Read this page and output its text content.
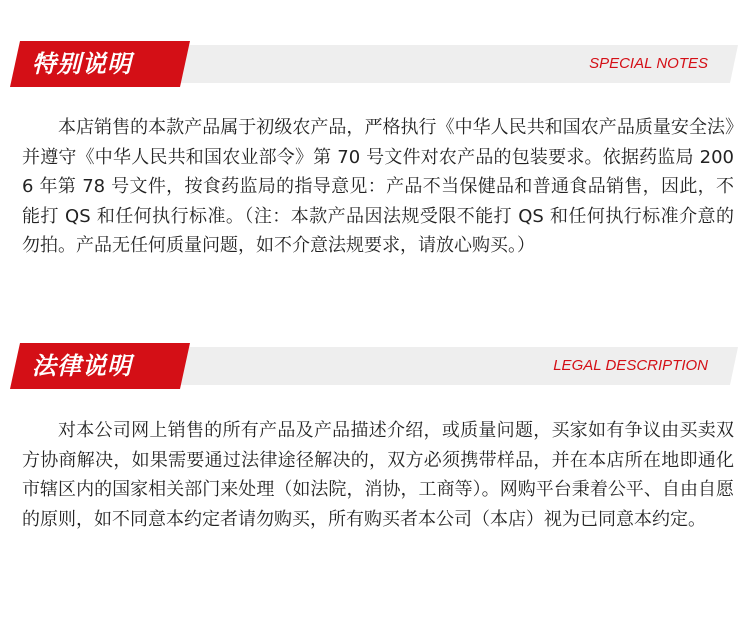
特别说明	SPECIAL NOTES

本店销售的本款产品属于初级农产品，严格执行《中华人民共和国农产品质量安全法》并遵守《中华人民共和国农业部令》第 70 号文件对农产品的包装要求。依据药监局 2006 年第 78 号文件，按食药监局的指导意见：产品不当保健品和普通食品销售，因此，不能打 QS 和任何执行标准。（注：本款产品因法规受限不能打 QS 和任何执行标准介意的勿拍。产品无任何质量问题，如不介意法规要求，请放心购买。）

法律说明	LEGAL DESCRIPTION

对本公司网上销售的所有产品及产品描述介绍，或质量问题，买家如有争议由买卖双方协商解决，如果需要通过法律途径解决的，双方必须携带样品，并在本店所在地即通化市辖区内的国家相关部门来处理（如法院，消协，工商等）。网购平台秉着公平、自由自愿的原则，如不同意本约定者请勿购买，所有购买者本公司（本店）视为已同意本约定。
